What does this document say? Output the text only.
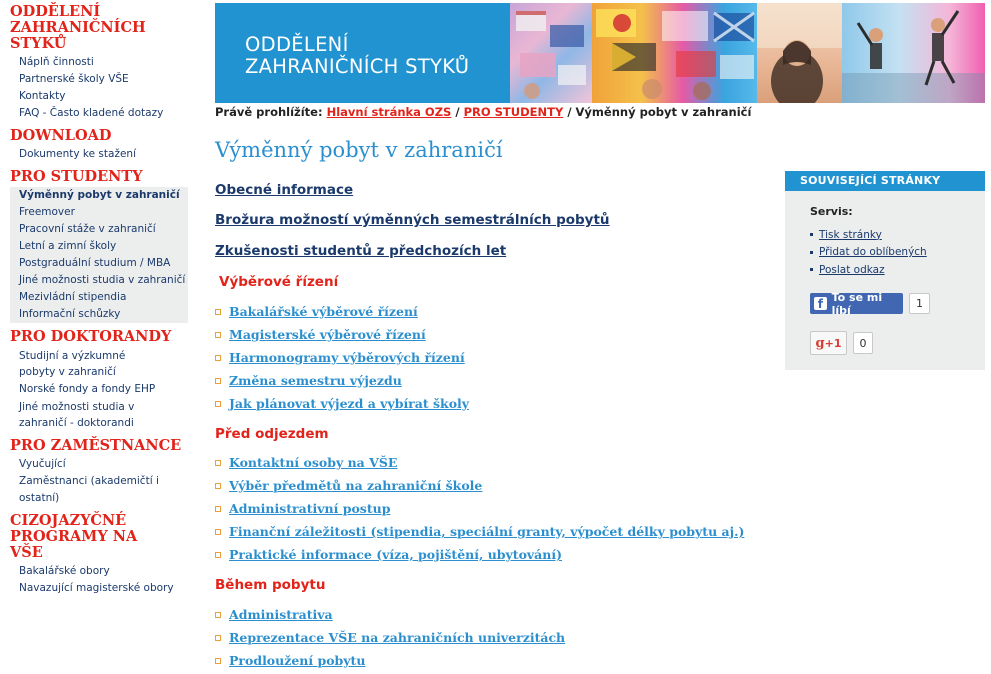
ODDĚLENÍ ZAHRANIČNÍCH STYKŮ
Náplň činnosti
Partnerské školy VŠE
Kontakty
FAQ - Často kladené dotazy
DOWNLOAD
Dokumenty ke stažení
PRO STUDENTY
Výměnný pobyt v zahraničí
Freemover
Pracovní stáže v zahraničí
Letní a zimní školy
Postgraduální studium / MBA
Jiné možnosti studia v zahraničí
Mezivládní stipendia
Informační schůzky
PRO DOKTORANDY
Studijní a výzkumné pobyty v zahraničí
Norské fondy a fondy EHP
Jiné možnosti studia v zahraničí - doktorandi
PRO ZAMĚSTNANCE
Vyučující
Zaměstnanci (akademičtí i ostatní)
CIZOJAZYČNÉ PROGRAMY NA VŠE
Bakalářské obory
Navazující magisterské obory
ODDĚLENÍ
ZAHRANIČNÍCH STYKŮ
Právě prohlížíte: Hlavní stránka OZS / PRO STUDENTY / Výměnný pobyt v zahraničí
Výměnný pobyt v zahraničí
Obecné informace
Brožura možností výměnných semestrálních pobytů
Zkušenosti studentů z předchozích let
Výběrové řízení
Bakalářské výběrové řízení
Magisterské výběrové řízení
Harmonogramy výběrových řízení
Změna semestru výjezdu
Jak plánovat výjezd a vybírat školy
Před odjezdem
Kontaktní osoby na VŠE
Výběr předmětů na zahraniční škole
Administrativní postup
Finanční záležitosti (stipendia, speciální granty, výpočet délky pobytu aj.)
Praktické informace (víza, pojištění, ubytování)
Během pobytu
Administrativa
Reprezentace VŠE na zahraničních univerzitách
Prodloužení pobytu
SOUVISEJÍCÍ STRÁNKY
Servis:
Tisk stránky
Přidat do oblíbených
Poslat odkaz
f To se mi líbí	1
g +1	0
